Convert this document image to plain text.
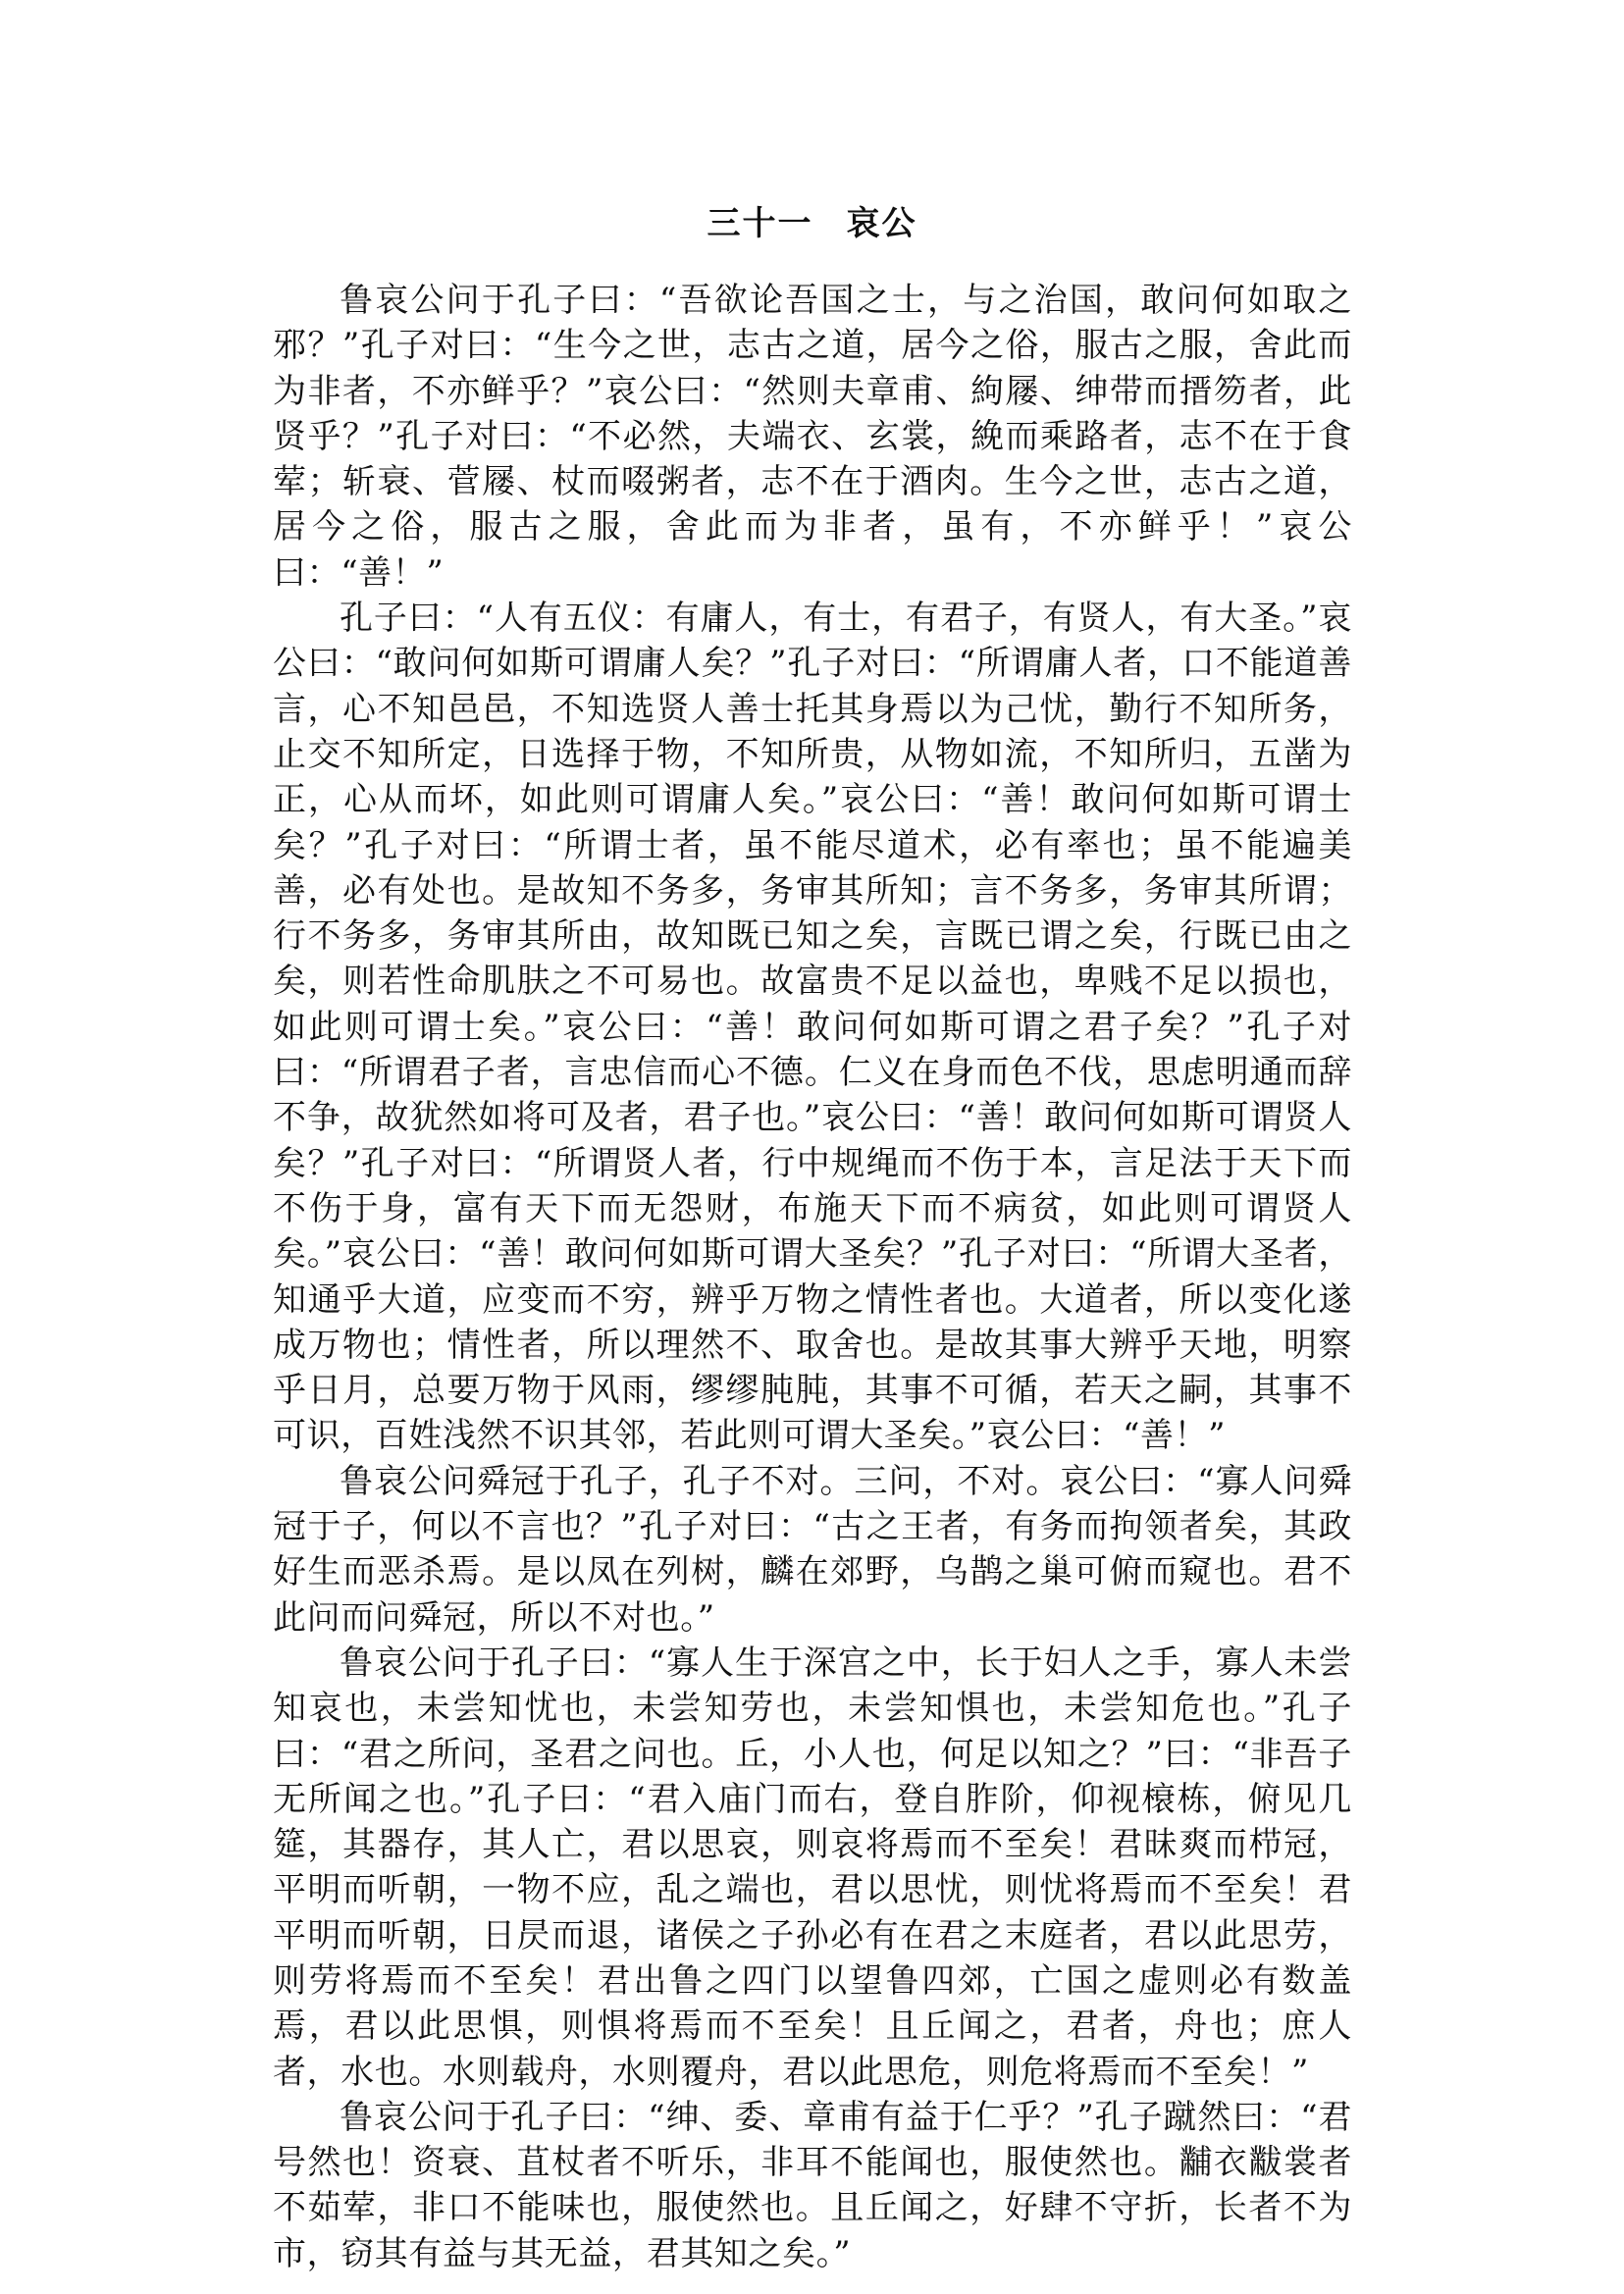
三十一 哀公

鲁哀公问于孔子曰：“吾欲论吾国之士，与之治国，敢问何如取之邪？”孔子对曰：“生今之世，志古之道，居今之俗，服古之服，舍此而为非者，不亦鲜乎？”哀公曰：“然则夫章甫、絇屦、绅带而搢笏者，此贤乎？”孔子对曰：“不必然，夫端衣、玄裳，絻而乘路者，志不在于食荤；斩衰、菅屦、杖而啜粥者，志不在于酒肉。生今之世，志古之道，居今之俗，服古之服，舍此而为非者，虽有，不亦鲜乎！”哀公曰：“善！”

孔子曰：“人有五仪：有庸人，有士，有君子，有贤人，有大圣。”哀公曰：“敢问何如斯可谓庸人矣？”孔子对曰：“所谓庸人者，口不能道善言，心不知邑邑，不知选贤人善士托其身焉以为己忧，勤行不知所务，止交不知所定，日选择于物，不知所贵，从物如流，不知所归，五凿为正，心从而坏，如此则可谓庸人矣。”哀公曰：“善！敢问何如斯可谓士矣？”孔子对曰：“所谓士者，虽不能尽道术，必有率也；虽不能遍美善，必有处也。是故知不务多，务审其所知；言不务多，务审其所谓；行不务多，务审其所由，故知既已知之矣，言既已谓之矣，行既已由之矣，则若性命肌肤之不可易也。故富贵不足以益也，卑贱不足以损也，如此则可谓士矣。”哀公曰：“善！敢问何如斯可谓之君子矣？”孔子对曰：“所谓君子者，言忠信而心不德。仁义在身而色不伐，思虑明通而辞不争，故犹然如将可及者，君子也。”哀公曰：“善！敢问何如斯可谓贤人矣？”孔子对曰：“所谓贤人者，行中规绳而不伤于本，言足法于天下而不伤于身，富有天下而无怨财，布施天下而不病贫，如此则可谓贤人矣。”哀公曰：“善！敢问何如斯可谓大圣矣？”孔子对曰：“所谓大圣者，知通乎大道，应变而不穷，辨乎万物之情性者也。大道者，所以变化遂成万物也；情性者，所以理然不、取舍也。是故其事大辨乎天地，明察乎日月，总要万物于风雨，缪缪肫肫，其事不可循，若天之嗣，其事不可识，百姓浅然不识其邻，若此则可谓大圣矣。”哀公曰：“善！”

鲁哀公问舜冠于孔子，孔子不对。三问，不对。哀公曰：“寡人问舜冠于子，何以不言也？”孔子对曰：“古之王者，有务而拘领者矣，其政好生而恶杀焉。是以凤在列树，麟在郊野，乌鹊之巢可俯而窥也。君不此问而问舜冠，所以不对也。”

鲁哀公问于孔子曰：“寡人生于深宫之中，长于妇人之手，寡人未尝知哀也，未尝知忧也，未尝知劳也，未尝知惧也，未尝知危也。”孔子曰：“君之所问，圣君之问也。丘，小人也，何足以知之？”曰：“非吾子无所闻之也。”孔子曰：“君入庙门而右，登自胙阶，仰视榱栋，俯见几筵，其器存，其人亡，君以思哀，则哀将焉而不至矣！君昧爽而栉冠，平明而听朝，一物不应，乱之端也，君以思忧，则忧将焉而不至矣！君平明而听朝，日昃而退，诸侯之子孙必有在君之末庭者，君以此思劳，则劳将焉而不至矣！君出鲁之四门以望鲁四郊，亡国之虚则必有数盖焉，君以此思惧，则惧将焉而不至矣！且丘闻之，君者，舟也；庶人者，水也。水则载舟，水则覆舟，君以此思危，则危将焉而不至矣！”

鲁哀公问于孔子曰：“绅、委、章甫有益于仁乎？”孔子蹴然曰：“君号然也！资衰、苴杖者不听乐，非耳不能闻也，服使然也。黼衣黻裳者不茹荤，非口不能味也，服使然也。且丘闻之，好肆不守折，长者不为市，窃其有益与其无益，君其知之矣。”
